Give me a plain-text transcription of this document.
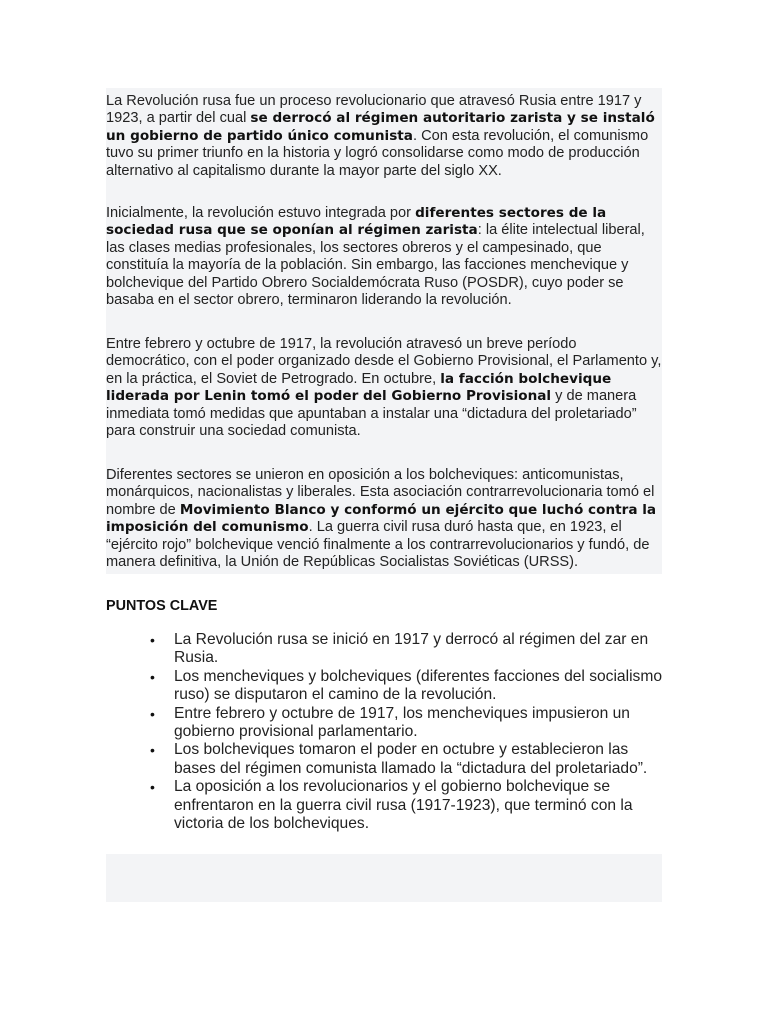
La Revolución rusa fue un proceso revolucionario que atravesó Rusia entre 1917 y 1923, a partir del cual se derrocó al régimen autoritario zarista y se instaló un gobierno de partido único comunista. Con esta revolución, el comunismo tuvo su primer triunfo en la historia y logró consolidarse como modo de producción alternativo al capitalismo durante la mayor parte del siglo XX.

Inicialmente, la revolución estuvo integrada por diferentes sectores de la sociedad rusa que se oponían al régimen zarista: la élite intelectual liberal, las clases medias profesionales, los sectores obreros y el campesinado, que constituía la mayoría de la población. Sin embargo, las facciones menchevique y bolchevique del Partido Obrero Socialdemócrata Ruso (POSDR), cuyo poder se basaba en el sector obrero, terminaron liderando la revolución.

Entre febrero y octubre de 1917, la revolución atravesó un breve período democrático, con el poder organizado desde el Gobierno Provisional, el Parlamento y, en la práctica, el Soviet de Petrogrado. En octubre, la facción bolchevique liderada por Lenin tomó el poder del Gobierno Provisional y de manera inmediata tomó medidas que apuntaban a instalar una “dictadura del proletariado” para construir una sociedad comunista.

Diferentes sectores se unieron en oposición a los bolcheviques: anticomunistas, monárquicos, nacionalistas y liberales. Esta asociación contrarrevolucionaria tomó el nombre de Movimiento Blanco y conformó un ejército que luchó contra la imposición del comunismo. La guerra civil rusa duró hasta que, en 1923, el “ejército rojo” bolchevique venció finalmente a los contrarrevolucionarios y fundó, de manera definitiva, la Unión de Repúblicas Socialistas Soviéticas (URSS).

PUNTOS CLAVE
• La Revolución rusa se inició en 1917 y derrocó al régimen del zar en Rusia.
• Los mencheviques y bolcheviques (diferentes facciones del socialismo ruso) se disputaron el camino de la revolución.
• Entre febrero y octubre de 1917, los mencheviques impusieron un gobierno provisional parlamentario.
• Los bolcheviques tomaron el poder en octubre y establecieron las bases del régimen comunista llamado la “dictadura del proletariado”.
• La oposición a los revolucionarios y el gobierno bolchevique se enfrentaron en la guerra civil rusa (1917-1923), que terminó con la victoria de los bolcheviques.
